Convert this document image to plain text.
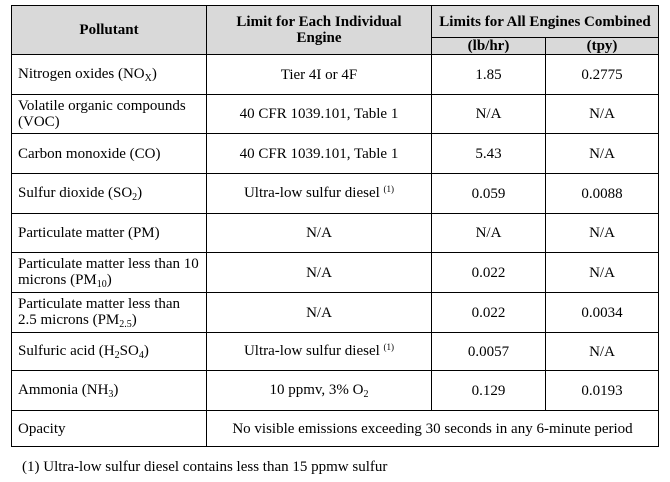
Pollutant	Limit for Each Individual Engine	Limits for All Engines Combined	
		(lb/hr)	(tpy)
Nitrogen oxides $(NO_X)$	Tier 4I or 4F	1.85	0.2775
Volatile organic compounds (VOC)	40 CFR 1039.101, Table 1	N/A	N/A
Carbon monoxide (CO)	40 CFR 1039.101, Table 1	5.43	N/A
Sulfur dioxide $(SO_2)$	Ultra-low sulfur diesel $^{(1)}$	0.059	0.0088
Particulate matter (PM)	N/A	N/A	N/A
Particulate matter less than 10 microns $(PM_{10})$	N/A	0.022	N/A
Particulate matter less than 2.5 microns $(PM_{2.5})$	N/A	0.022	0.0034
Sulfuric acid $(H_2SO_4)$	Ultra-low sulfur diesel $^{(1)}$	0.0057	N/A
Ammonia $(NH_3)$	10 ppmv, 3% $O_2$	0.129	0.0193
Opacity	No visible emissions exceeding 30 seconds in any 6-minute period		
(1) Ultra-low sulfur diesel contains less than 15 ppmw sulfur
